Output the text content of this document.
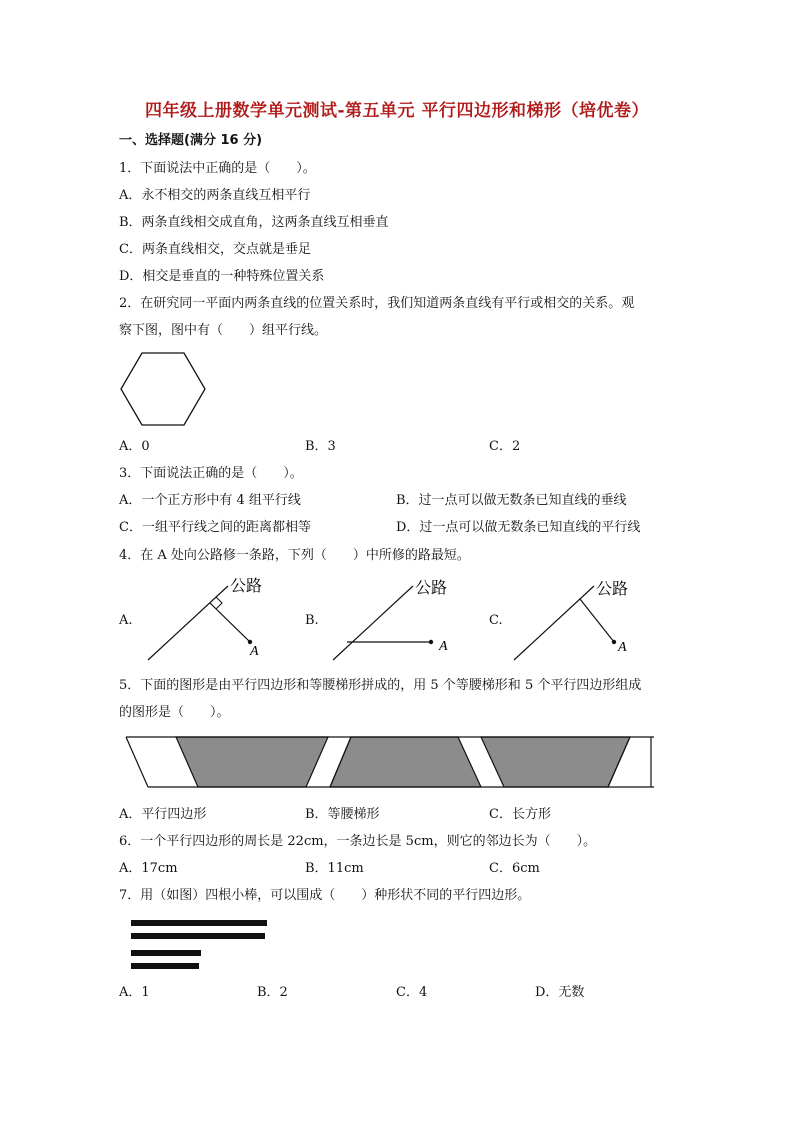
四年级上册数学单元测试-第五单元 平行四边形和梯形（培优卷）
一、选择题(满分 16 分)
1．下面说法中正确的是（　　）。
A．永不相交的两条直线互相平行
B．两条直线相交成直角，这两条直线互相垂直
C．两条直线相交，交点就是垂足
D．相交是垂直的一种特殊位置关系
2．在研究同一平面内两条直线的位置关系时，我们知道两条直线有平行或相交的关系。观
察下图，图中有（　　）组平行线。
A．0	B．3	C．2
3．下面说法正确的是（　　）。
A．一个正方形中有 4 组平行线	B．过一点可以做无数条已知直线的垂线
C．一组平行线之间的距离都相等	D．过一点可以做无数条已知直线的平行线
4．在 A 处向公路修一条路，下列（　　）中所修的路最短。
A.
公路
A
B.
公路
A
C.
公路
A
5．下面的图形是由平行四边形和等腰梯形拼成的，用 5 个等腰梯形和 5 个平行四边形组成
的图形是（　　）。
A．平行四边形	B．等腰梯形	C．长方形
6．一个平行四边形的周长是 22cm，一条边长是 5cm，则它的邻边长为（　　）。
A．17cm	B．11cm	C．6cm
7．用（如图）四根小棒，可以围成（　　）种形状不同的平行四边形。
A．1	B．2	C．4	D．无数
